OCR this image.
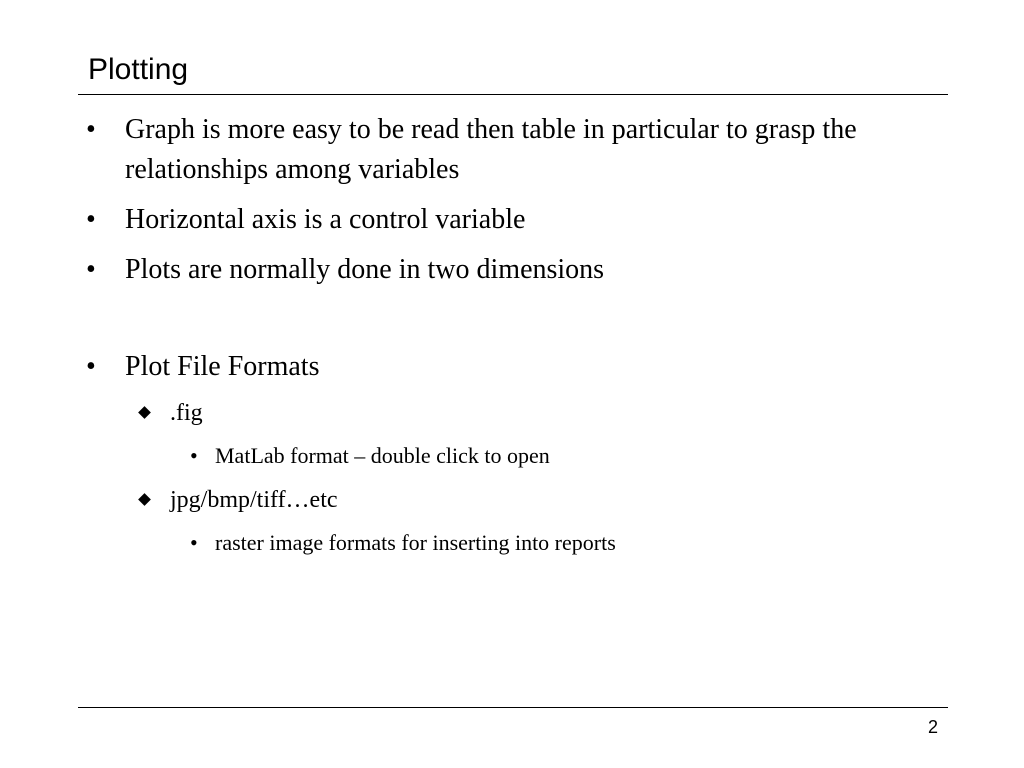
Plotting
• Graph is more easy to be read then table in particular to grasp the relationships among variables
• Horizontal axis is a control variable
• Plots are normally done in two dimensions
• Plot File Formats
.fig
• MatLab format – double click to open
jpg/bmp/tiff…etc
• raster image formats for inserting into reports
2
